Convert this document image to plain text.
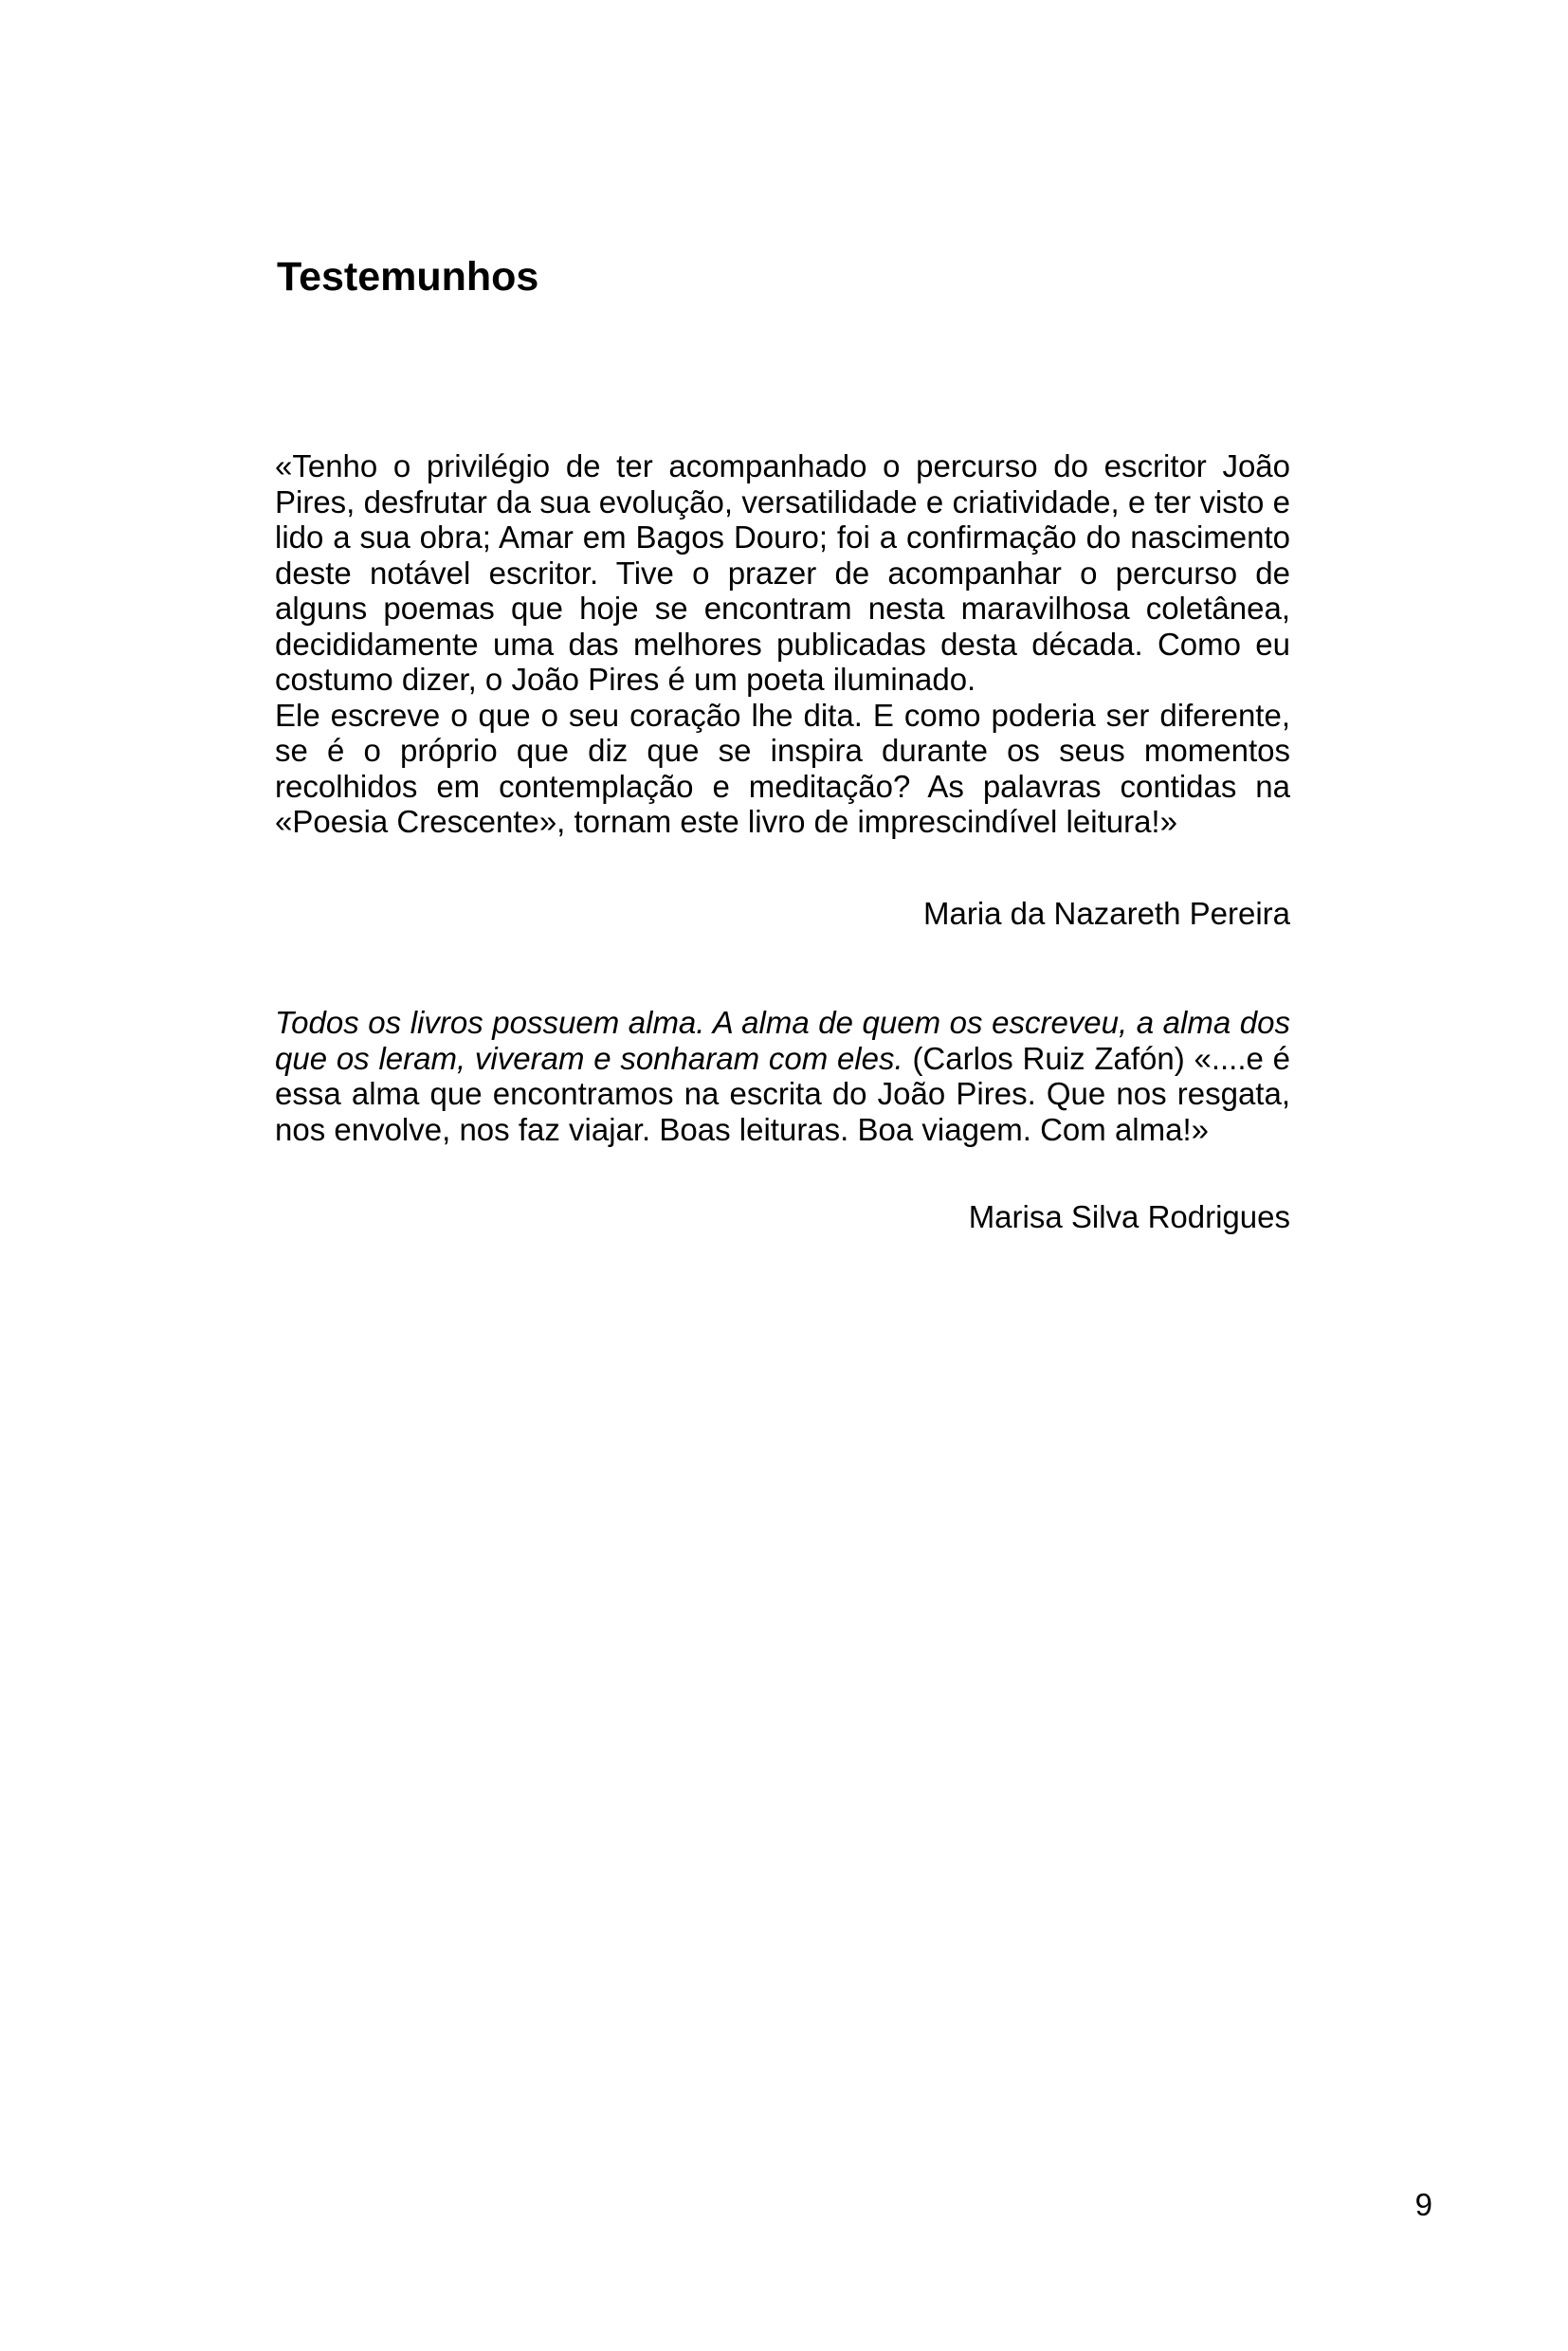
Testemunhos

«Tenho o privilégio de ter acompanhado o percurso do escritor João Pires, desfrutar da sua evolução, versatilidade e criatividade, e ter visto e lido a sua obra; Amar em Bagos Douro; foi a confirmação do nascimento deste notável escritor. Tive o prazer de acompanhar o percurso de alguns poemas que hoje se encontram nesta maravilhosa coletânea, decididamente uma das melhores publicadas desta década. Como eu costumo dizer, o João Pires é um poeta iluminado.

Ele escreve o que o seu coração lhe dita. E como poderia ser diferente, se é o próprio que diz que se inspira durante os seus momentos recolhidos em contemplação e meditação? As palavras contidas na «Poesia Crescente», tornam este livro de imprescindível leitura!»

Maria da Nazareth Pereira

Todos os livros possuem alma. A alma de quem os escreveu, a alma dos que os leram, viveram e sonharam com eles. (Carlos Ruiz Zafón) «....e é essa alma que encontramos na escrita do João Pires. Que nos resgata, nos envolve, nos faz viajar. Boas leituras. Boa viagem. Com alma!»

Marisa Silva Rodrigues
9
